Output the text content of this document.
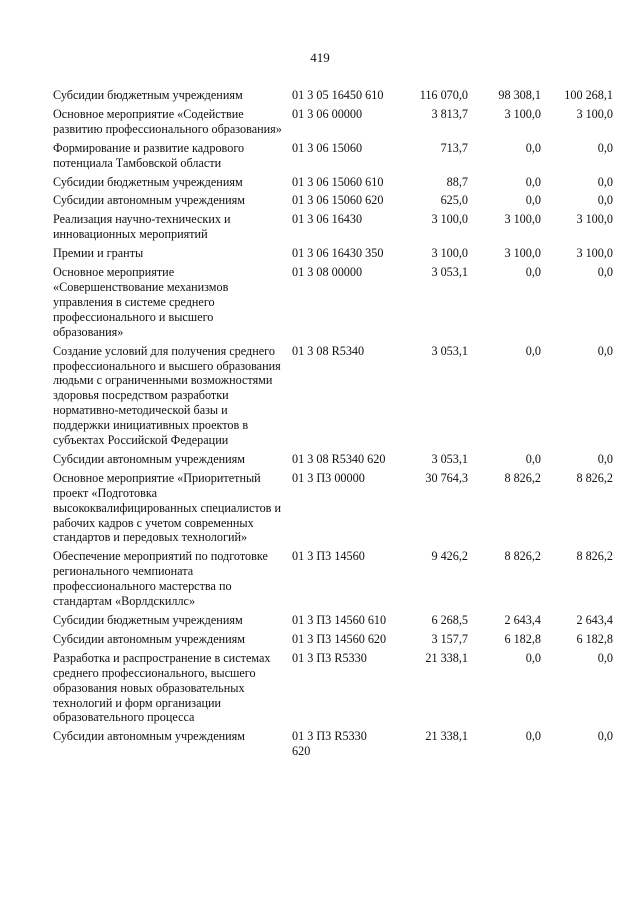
419
Субсидии бюджетным учреждениям	01 3 05 16450 610	116 070,0	98 308,1	100 268,1

Основное мероприятие «Содействие развитию профессионального образования»	01 3 06 00000	3 813,7	3 100,0	3 100,0

Формирование и развитие кадрового потенциала Тамбовской области	01 3 06 15060	713,7	0,0	0,0

Субсидии бюджетным учреждениям	01 3 06 15060 610	88,7	0,0	0,0

Субсидии автономным учреждениям	01 3 06 15060 620	625,0	0,0	0,0

Реализация научно-технических и инновационных мероприятий	01 3 06 16430	3 100,0	3 100,0	3 100,0

Премии и гранты	01 3 06 16430 350	3 100,0	3 100,0	3 100,0

Основное мероприятие «Совершенствование механизмов управления в системе среднего профессионального и высшего образования»	01 3 08 00000	3 053,1	0,0	0,0

Создание условий для получения среднего профессионального и высшего образования людьми с ограниченными возможностями здоровья посредством разработки нормативно-методической базы и поддержки инициативных проектов в субъектах Российской Федерации	01 3 08 R5340	3 053,1	0,0	0,0

Субсидии автономным учреждениям	01 3 08 R5340 620	3 053,1	0,0	0,0

Основное мероприятие «Приоритетный проект «Подготовка высококвалифицированных специалистов и рабочих кадров с учетом современных стандартов и передовых технологий»	01 3 П3 00000	30 764,3	8 826,2	8 826,2

Обеспечение мероприятий по подготовке регионального чемпионата профессионального мастерства по стандартам «Ворлдскиллс»	01 3 П3 14560	9 426,2	8 826,2	8 826,2

Субсидии бюджетным учреждениям	01 3 П3 14560 610	6 268,5	2 643,4	2 643,4

Субсидии автономным учреждениям	01 3 П3 14560 620	3 157,7	6 182,8	6 182,8

Разработка и распространение в системах среднего профессионального, высшего образования новых образовательных технологий и форм организации образовательного процесса	01 3 П3 R5330	21 338,1	0,0	0,0

Субсидии автономным учреждениям	01 3 П3 R5330 620	21 338,1	0,0	0,0
